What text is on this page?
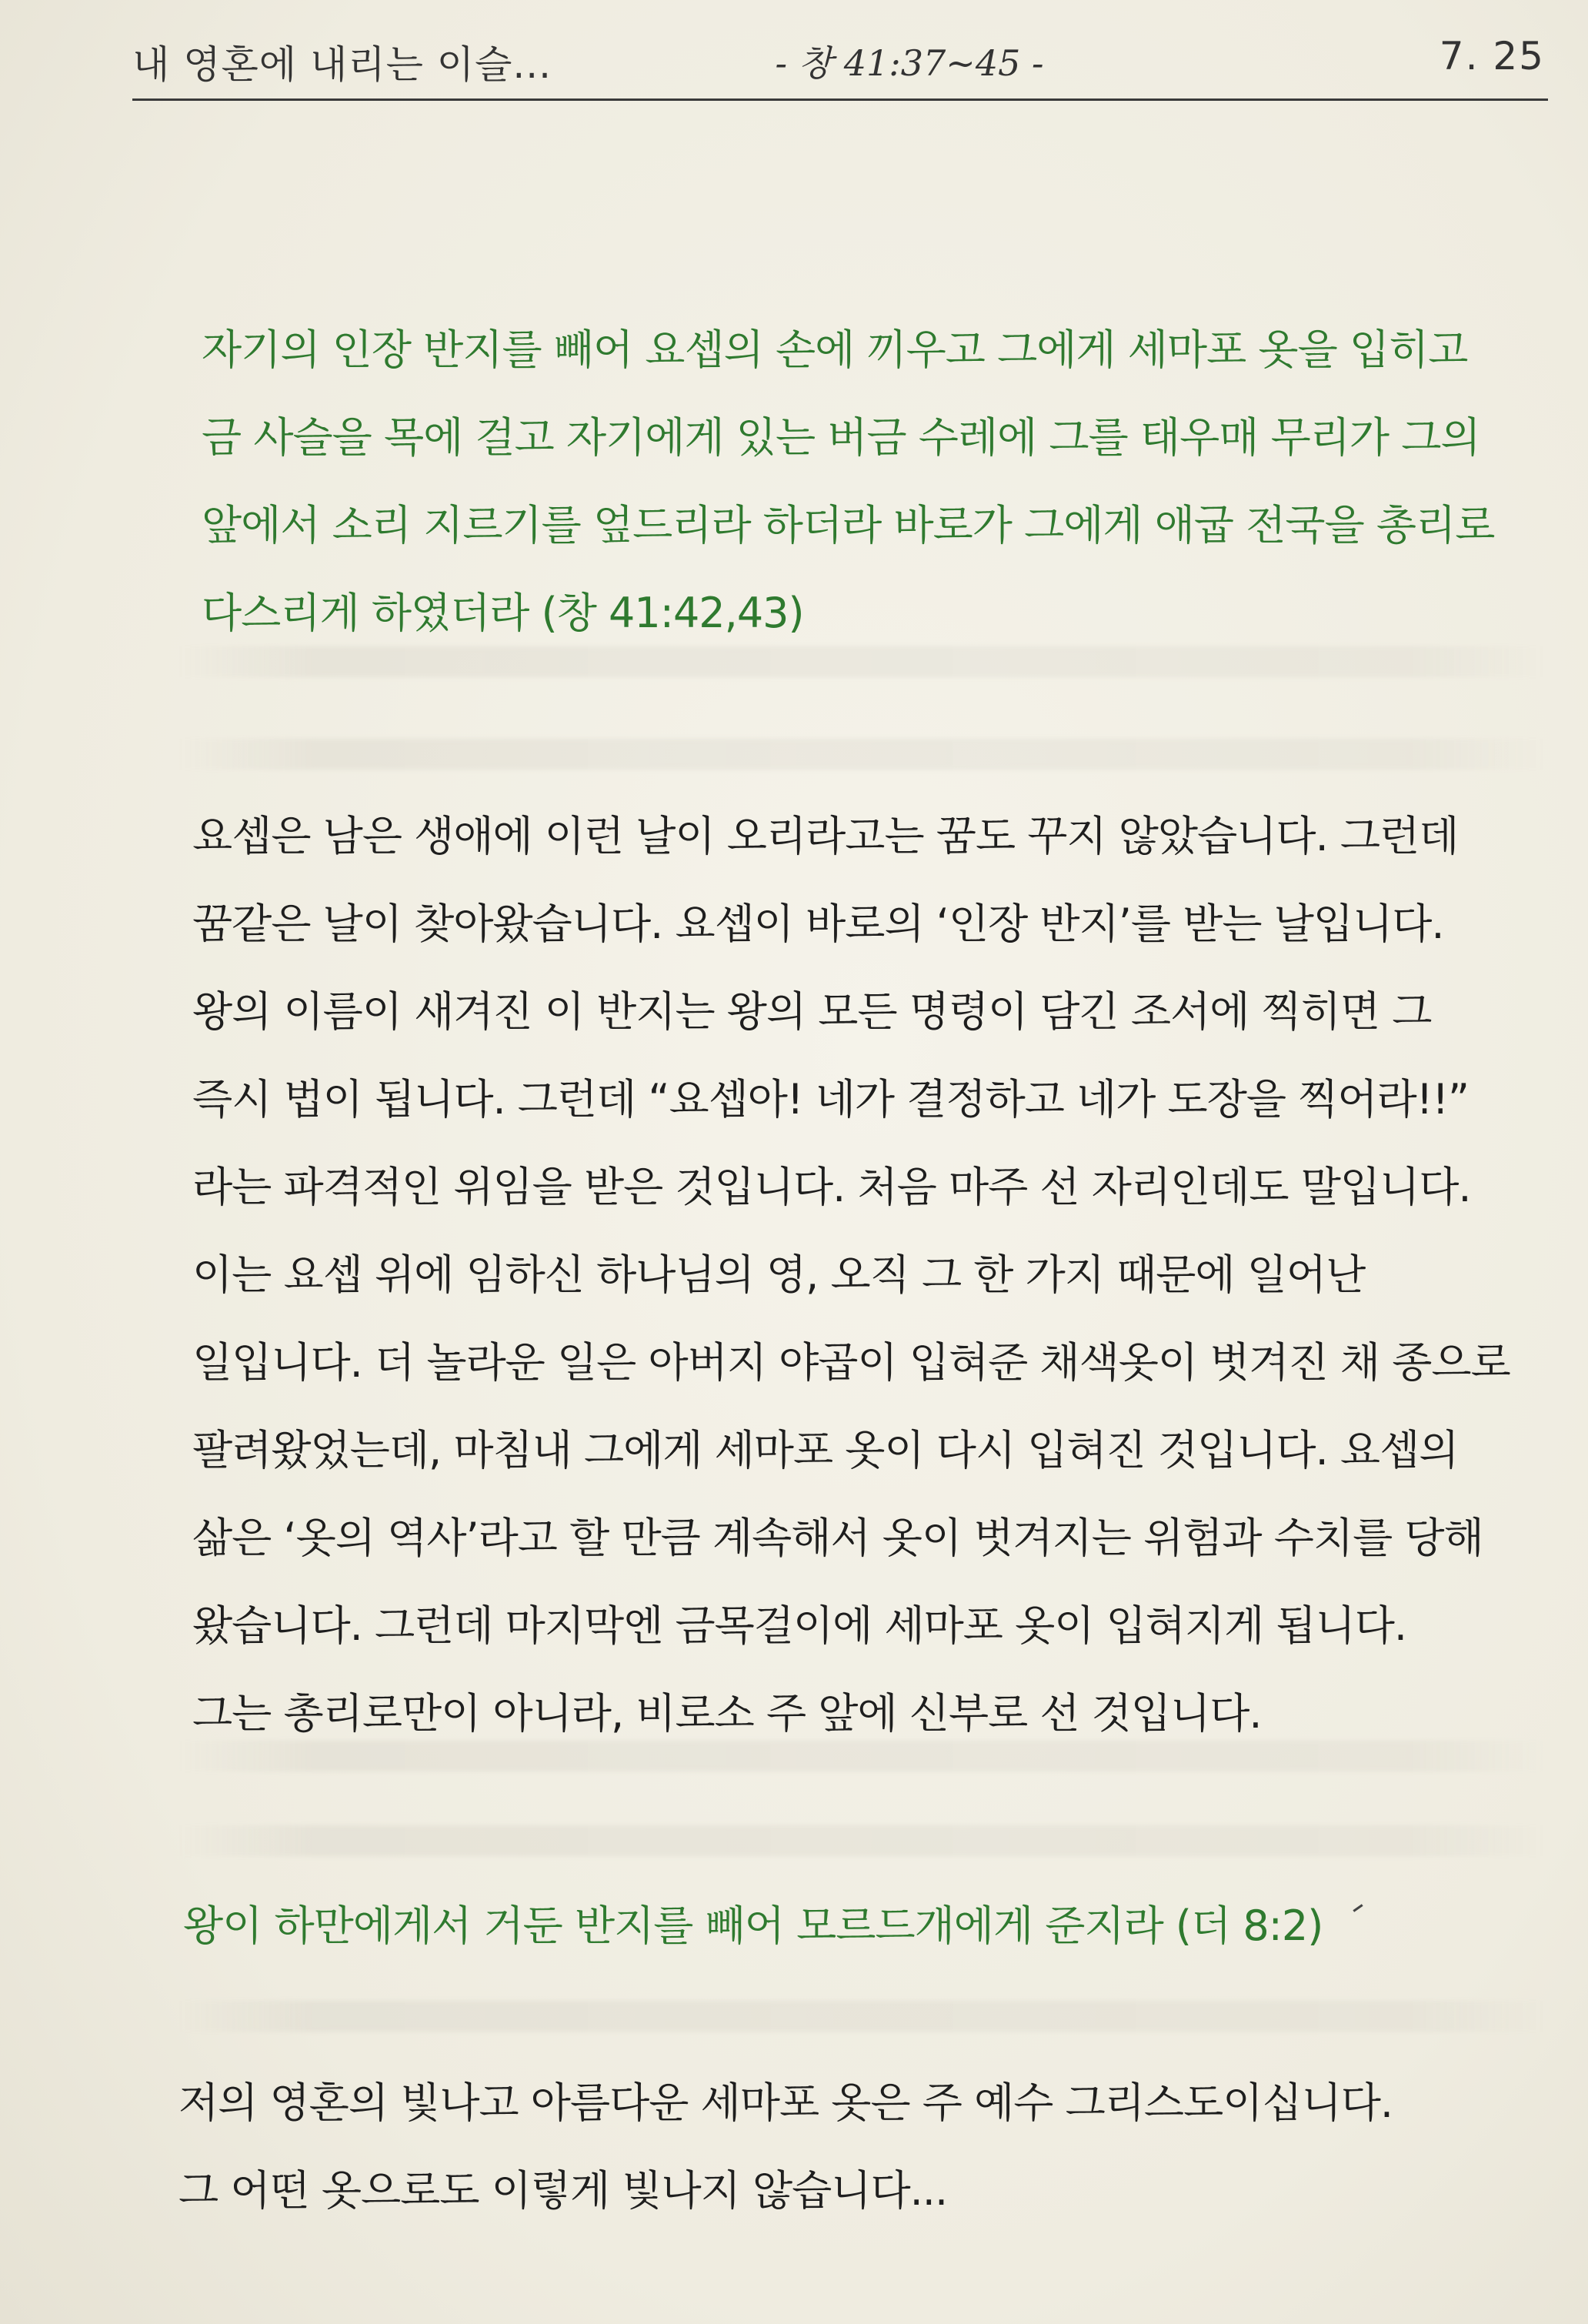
내 영혼에 내리는 이슬...	- 창 41:37~45 -	7. 25
자기의 인장 반지를 빼어 요셉의 손에 끼우고 그에게 세마포 옷을 입히고
금 사슬을 목에 걸고 자기에게 있는 버금 수레에 그를 태우매 무리가 그의
앞에서 소리 지르기를 엎드리라 하더라 바로가 그에게 애굽 전국을 총리로
다스리게 하였더라 (창 41:42,43)
요셉은 남은 생애에 이런 날이 오리라고는 꿈도 꾸지 않았습니다. 그런데
꿈같은 날이 찾아왔습니다. 요셉이 바로의 ‘인장 반지’를 받는 날입니다.
왕의 이름이 새겨진 이 반지는 왕의 모든 명령이 담긴 조서에 찍히면 그
즉시 법이 됩니다. 그런데 “요셉아! 네가 결정하고 네가 도장을 찍어라!!”
라는 파격적인 위임을 받은 것입니다. 처음 마주 선 자리인데도 말입니다.
이는 요셉 위에 임하신 하나님의 영, 오직 그 한 가지 때문에 일어난
일입니다. 더 놀라운 일은 아버지 야곱이 입혀준 채색옷이 벗겨진 채 종으로
팔려왔었는데, 마침내 그에게 세마포 옷이 다시 입혀진 것입니다. 요셉의
삶은 ‘옷의 역사’라고 할 만큼 계속해서 옷이 벗겨지는 위험과 수치를 당해
왔습니다. 그런데 마지막엔 금목걸이에 세마포 옷이 입혀지게 됩니다.
그는 총리로만이 아니라, 비로소 주 앞에 신부로 선 것입니다.
왕이 하만에게서 거둔 반지를 빼어 모르드개에게 준지라 (더 8:2)
저의 영혼의 빛나고 아름다운 세마포 옷은 주 예수 그리스도이십니다.
그 어떤 옷으로도 이렇게 빛나지 않습니다...
